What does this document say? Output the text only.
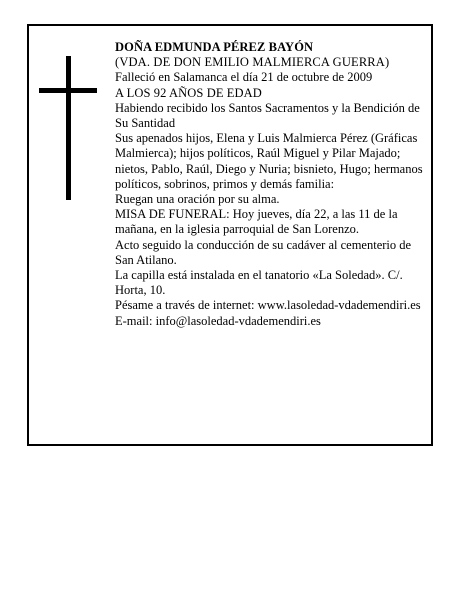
DOÑA EDMUNDA PÉREZ BAYÓN

(VDA. DE DON EMILIO MALMIERCA GUERRA)

Falleció en Salamanca el día 21 de octubre de 2009

A LOS 92 AÑOS DE EDAD

Habiendo recibido los Santos Sacramentos y la Bendición de Su Santidad

Sus apenados hijos, Elena y Luis Malmierca Pérez (Gráficas Malmierca); hijos políticos, Raúl Miguel y Pilar Majado; nietos, Pablo, Raúl, Diego y Nuria; bisnieto, Hugo; hermanos políticos, sobrinos, primos y demás familia:

Ruegan una oración por su alma.

MISA DE FUNERAL: Hoy jueves, día 22, a las 11 de la mañana, en la iglesia parroquial de San Lorenzo.

Acto seguido la conducción de su cadáver al cementerio de San Atilano.

La capilla está instalada en el tanatorio «La Soledad». C/. Horta, 10.

Pésame a través de internet: www.lasoledad-vdademendiri.es

E-mail: info@lasoledad-vdademendiri.es
